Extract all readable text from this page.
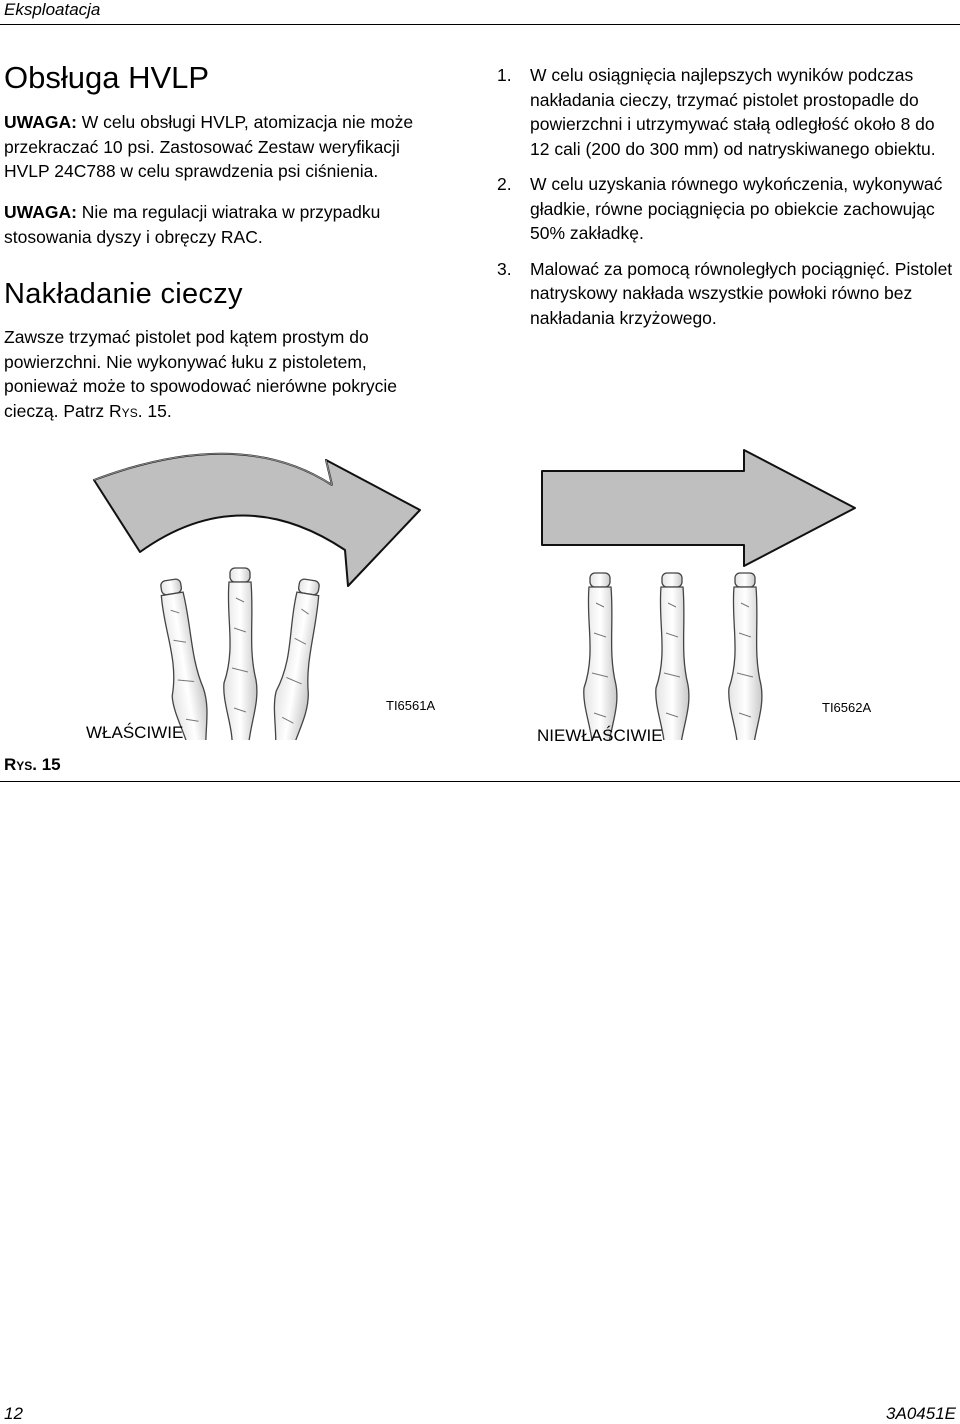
Eksploatacja
Obsługa HVLP
UWAGA: W celu obsługi HVLP, atomizacja nie może przekraczać 10 psi. Zastosować Zestaw weryfikacji HVLP 24C788 w celu sprawdzenia psi ciśnienia.
UWAGA: Nie ma regulacji wiatraka w przypadku stosowania dyszy i obręczy RAC.
Nakładanie cieczy
Zawsze trzymać pistolet pod kątem prostym do powierzchni. Nie wykonywać łuku z pistoletem, ponieważ może to spowodować nierówne pokrycie cieczą. Patrz Rys. 15.
1. W celu osiągnięcia najlepszych wyników podczas nakładania cieczy, trzymać pistolet prostopadle do powierzchni i utrzymywać stałą odległość około 8 do 12 cali (200 do 300 mm) od natryskiwanego obiektu.
2. W celu uzyskania równego wykończenia, wykonywać gładkie, równe pociągnięcia po obiekcie zachowując 50% zakładkę.
3. Malować za pomocą równoległych pociągnięć. Pistolet natryskowy nakłada wszystkie powłoki równo bez nakładania krzyżowego.
TI6561A
WŁAŚCIWIE
TI6562A
NIEWŁAŚCIWIE
Rys. 15
12	3A0451E
